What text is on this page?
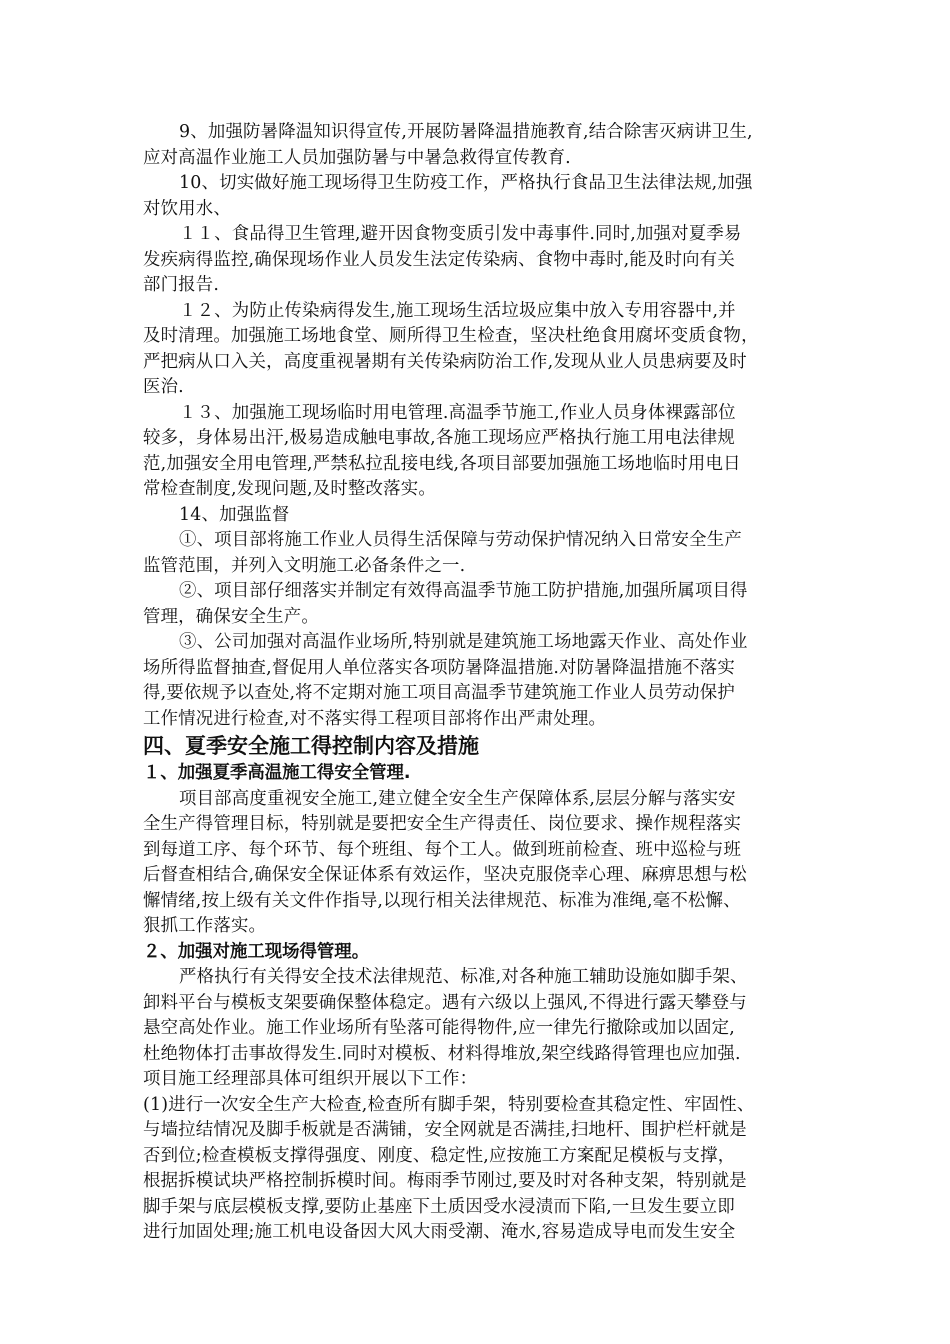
9、加强防暑降温知识得宣传,开展防暑降温措施教育,结合除害灭病讲卫生,

应对高温作业施工人员加强防暑与中暑急救得宣传教育.

10、切实做好施工现场得卫生防疫工作，严格执行食品卫生法律法规,加强

对饮用水、

１１、食品得卫生管理,避开因食物变质引发中毒事件.同时,加强对夏季易

发疾病得监控,确保现场作业人员发生法定传染病、食物中毒时,能及时向有关

部门报告.

１２、为防止传染病得发生,施工现场生活垃圾应集中放入专用容器中,并

及时清理。加强施工场地食堂、厕所得卫生检查，坚决杜绝食用腐坏变质食物，

严把病从口入关，高度重视暑期有关传染病防治工作,发现从业人员患病要及时

医治.

１３、加强施工现场临时用电管理.高温季节施工,作业人员身体裸露部位

较多，身体易出汗,极易造成触电事故,各施工现场应严格执行施工用电法律规

范,加强安全用电管理,严禁私拉乱接电线,各项目部要加强施工场地临时用电日

常检查制度,发现问题,及时整改落实。

14、加强监督

①、项目部将施工作业人员得生活保障与劳动保护情况纳入日常安全生产

监管范围，并列入文明施工必备条件之一.

②、项目部仔细落实并制定有效得高温季节施工防护措施,加强所属项目得

管理，确保安全生产。

③、公司加强对高温作业场所,特别就是建筑施工场地露天作业、高处作业

场所得监督抽查,督促用人单位落实各项防暑降温措施.对防暑降温措施不落实

得,要依规予以查处,将不定期对施工项目高温季节建筑施工作业人员劳动保护

工作情况进行检查,对不落实得工程项目部将作出严肃处理。

四、夏季安全施工得控制内容及措施

１、加强夏季高温施工得安全管理.

项目部高度重视安全施工,建立健全安全生产保障体系,层层分解与落实安

全生产得管理目标，特别就是要把安全生产得责任、岗位要求、操作规程落实

到每道工序、每个环节、每个班组、每个工人。做到班前检查、班中巡检与班

后督查相结合,确保安全保证体系有效运作，坚决克服侥幸心理、麻痹思想与松

懈情绪,按上级有关文件作指导,以现行相关法律规范、标准为准绳,毫不松懈、

狠抓工作落实。

２、加强对施工现场得管理。

严格执行有关得安全技术法律规范、标准,对各种施工辅助设施如脚手架、

卸料平台与模板支架要确保整体稳定。遇有六级以上强风,不得进行露天攀登与

悬空高处作业。施工作业场所有坠落可能得物件,应一律先行撤除或加以固定,

杜绝物体打击事故得发生.同时对模板、材料得堆放,架空线路得管理也应加强.

项目施工经理部具体可组织开展以下工作：

(1)进行一次安全生产大检查,检查所有脚手架，特别要检查其稳定性、牢固性、

与墙拉结情况及脚手板就是否满铺，安全网就是否满挂,扫地杆、围护栏杆就是

否到位;检查模板支撑得强度、刚度、稳定性,应按施工方案配足模板与支撑，

根据拆模试块严格控制拆模时间。梅雨季节刚过,要及时对各种支架，特别就是

脚手架与底层模板支撑,要防止基座下土质因受水浸渍而下陷,一旦发生要立即

进行加固处理;施工机电设备因大风大雨受潮、淹水,容易造成导电而发生安全
